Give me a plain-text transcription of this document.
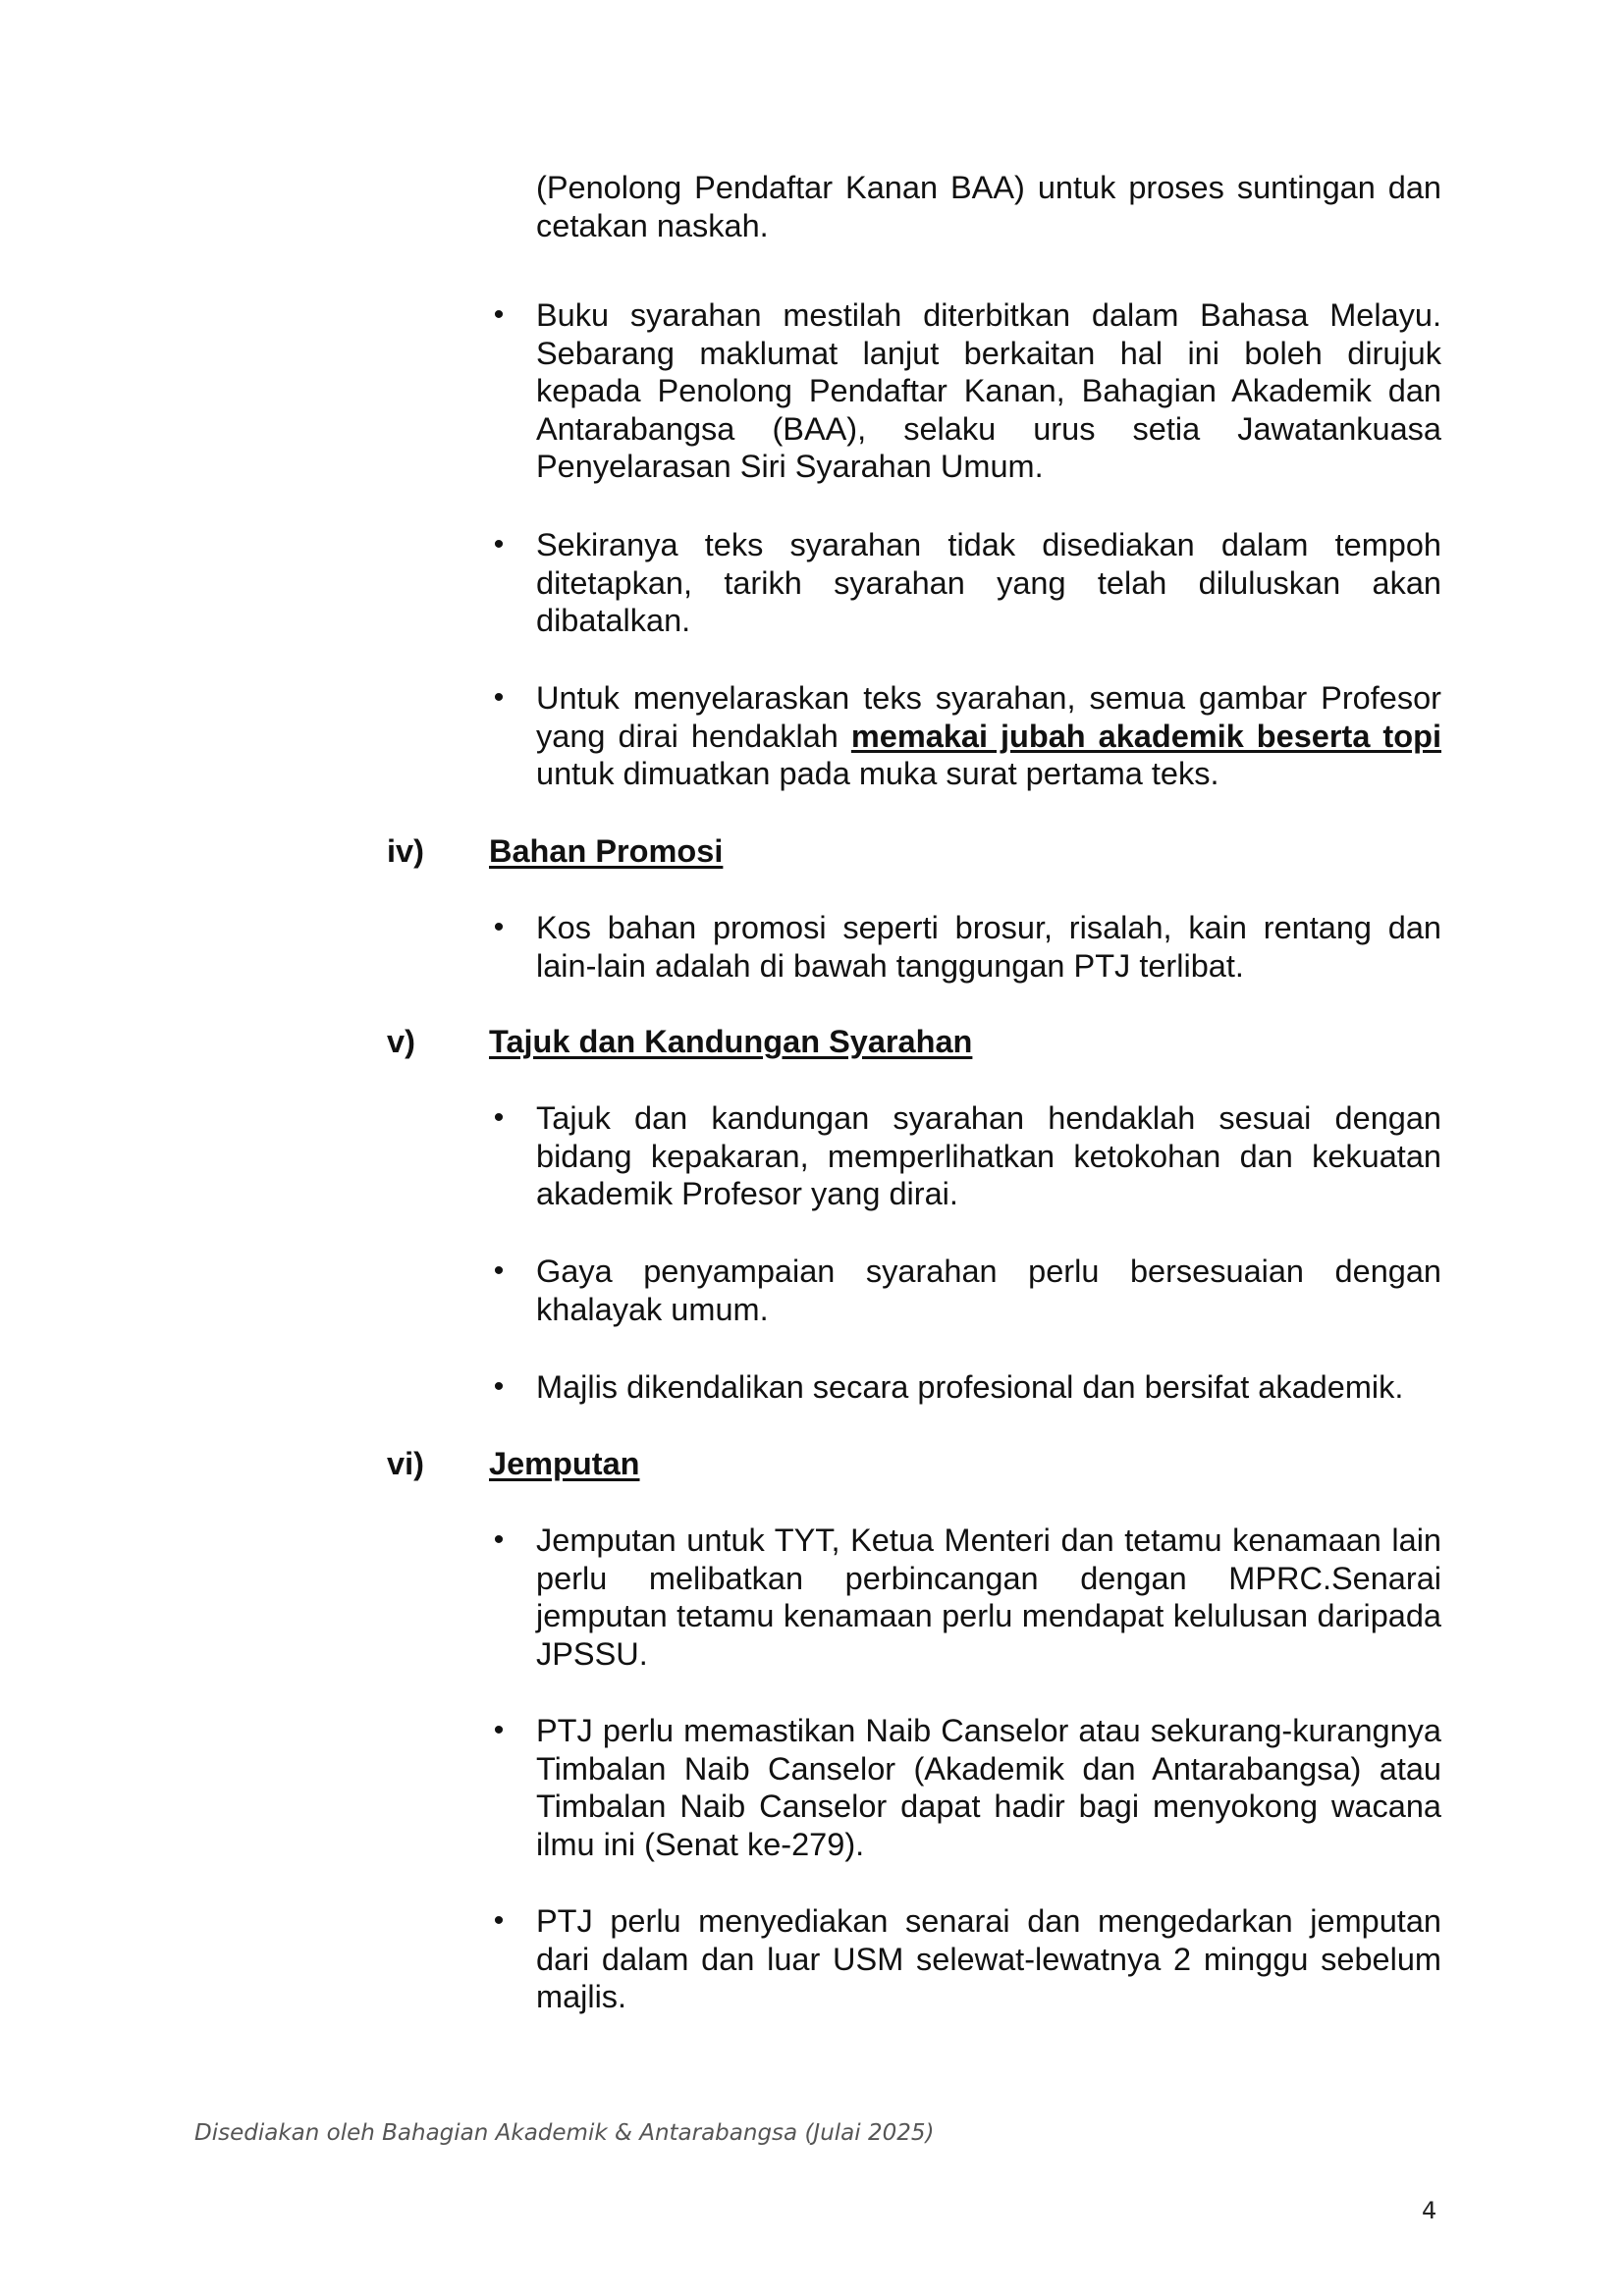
(Penolong Pendaftar Kanan BAA) untuk proses suntingan dan cetakan naskah.
• Buku syarahan mestilah diterbitkan dalam Bahasa Melayu. Sebarang maklumat lanjut berkaitan hal ini boleh dirujuk kepada Penolong Pendaftar Kanan, Bahagian Akademik dan Antarabangsa (BAA), selaku urus setia Jawatankuasa Penyelarasan Siri Syarahan Umum.
• Sekiranya teks syarahan tidak disediakan dalam tempoh ditetapkan, tarikh syarahan yang telah diluluskan akan dibatalkan.
• Untuk menyelaraskan teks syarahan, semua gambar Profesor yang dirai hendaklah memakai jubah akademik beserta topi untuk dimuatkan pada muka surat pertama teks.
iv) Bahan Promosi
• Kos bahan promosi seperti brosur, risalah, kain rentang dan lain-lain adalah di bawah tanggungan PTJ terlibat.
v) Tajuk dan Kandungan Syarahan
• Tajuk dan kandungan syarahan hendaklah sesuai dengan bidang kepakaran, memperlihatkan ketokohan dan kekuatan akademik Profesor yang dirai.
• Gaya penyampaian syarahan perlu bersesuaian dengan khalayak umum.
• Majlis dikendalikan secara profesional dan bersifat akademik.
vi) Jemputan
• Jemputan untuk TYT, Ketua Menteri dan tetamu kenamaan lain perlu melibatkan perbincangan dengan MPRC.Senarai jemputan tetamu kenamaan perlu mendapat kelulusan daripada JPSSU.
• PTJ perlu memastikan Naib Canselor atau sekurang-kurangnya Timbalan Naib Canselor (Akademik dan Antarabangsa) atau Timbalan Naib Canselor dapat hadir bagi menyokong wacana ilmu ini (Senat ke-279).
• PTJ perlu menyediakan senarai dan mengedarkan jemputan dari dalam dan luar USM selewat-lewatnya 2 minggu sebelum majlis.
Disediakan oleh Bahagian Akademik & Antarabangsa (Julai 2025)
4
